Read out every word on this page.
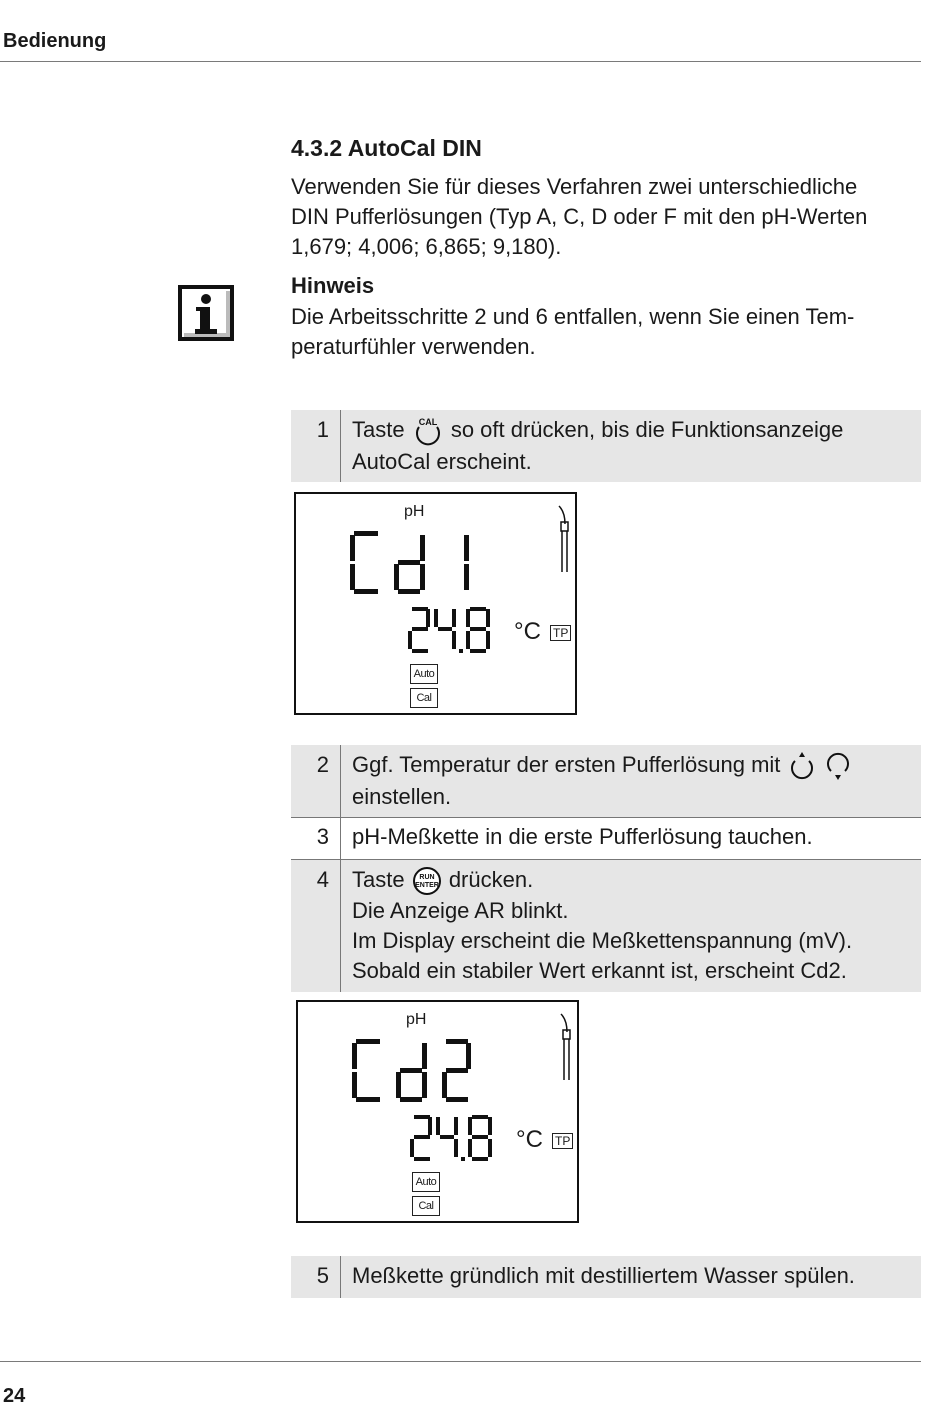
Bedienung
4.3.2 AutoCal DIN
Verwenden Sie für dieses Verfahren zwei unterschiedliche
DIN Pufferlösungen (Typ A, C, D oder F mit den pH-Werten
1,679; 4,006; 6,865; 9,180).
Hinweis
Die Arbeitsschritte 2 und 6 entfallen, wenn Sie einen Tem-
peraturfühler verwenden.
1	Taste CAL so oft drücken, bis die Funktionsanzeige
AutoCal erscheint.
pH
°C TP
Auto
Cal
2	Ggf. Temperatur der ersten Pufferlösung mit
einstellen.
3	pH-Meßkette in die erste Pufferlösung tauchen.
4	Taste RUN
ENTER drücken.
Die Anzeige AR blinkt.
Im Display erscheint die Meßkettenspannung (mV).
Sobald ein stabiler Wert erkannt ist, erscheint Cd2.
pH
°C TP
Auto
Cal
5	Meßkette gründlich mit destilliertem Wasser spülen.
24
